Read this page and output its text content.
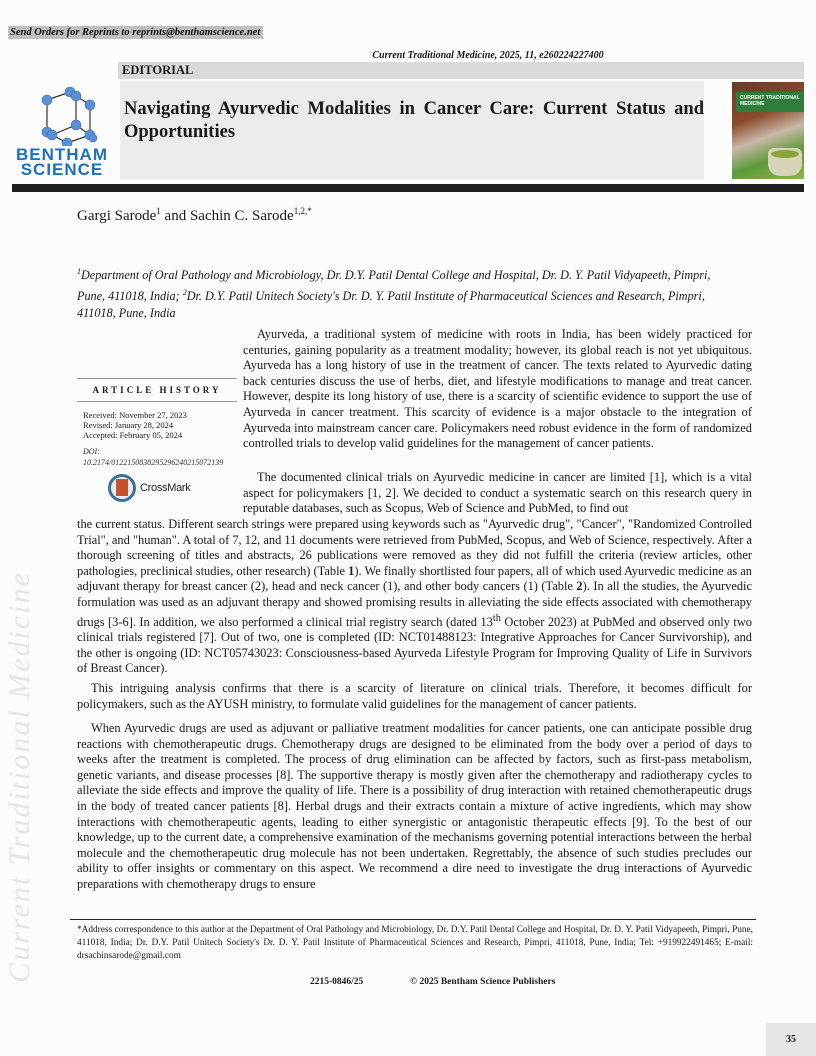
Current Traditional Medicine
Send Orders for Reprints to reprints@benthamscience.net
Current Traditional Medicine, 2025, 11, e260224227400
BENTHAM
SCIENCE
EDITORIAL
Navigating Ayurvedic Modalities in Cancer Care: Current Status and Opportunities
CURRENT TRADITIONAL MEDICINE
Gargi Sarode$^1$ and Sachin C. Sarode$^{1,2,*}$
$^1$Department of Oral Pathology and Microbiology, Dr. D.Y. Patil Dental College and Hospital, Dr. D. Y. Patil Vidyapeeth, Pimpri, Pune, 411018, India; $^2$Dr. D.Y. Patil Unitech Society's Dr. D. Y. Patil Institute of Pharmaceutical Sciences and Research, Pimpri, 411018, Pune, India
ARTICLE HISTORY
Received: November 27, 2023
Revised: January 28, 2024
Accepted: February 05, 2024
DOI:
10.2174/0122150838295296240215072139
CrossMark
Ayurveda, a traditional system of medicine with roots in India, has been widely practiced for centuries, gaining popularity as a treatment modality; however, its global reach is not yet ubiquitous. Ayurveda has a long history of use in the treatment of cancer. The texts related to Ayurvedic dating back centuries discuss the use of herbs, diet, and lifestyle modifications to manage and treat cancer. However, despite its long history of use, there is a scarcity of scientific evidence to support the use of Ayurveda in cancer treatment. This scarcity of evidence is a major obstacle to the integration of Ayurveda into mainstream cancer care. Policymakers need robust evidence in the form of randomized controlled trials to develop valid guidelines for the management of cancer patients.
The documented clinical trials on Ayurvedic medicine in cancer are limited [1], which is a vital aspect for policymakers [1, 2]. We decided to conduct a systematic search on this research query in reputable databases, such as Scopus, Web of Science and PubMed, to find out
the current status. Different search strings were prepared using keywords such as "Ayurvedic drug", "Cancer", "Randomized Controlled Trial", and "human". A total of 7, 12, and 11 documents were retrieved from PubMed, Scopus, and Web of Science, respectively. After a thorough screening of titles and abstracts, 26 publications were removed as they did not fulfill the criteria (review articles, other pathologies, preclinical studies, other research) (Table 1). We finally shortlisted four papers, all of which used Ayurvedic medicine as an adjuvant therapy for breast cancer (2), head and neck cancer (1), and other body cancers (1) (Table 2). In all the studies, the Ayurvedic formulation was used as an adjuvant therapy and showed promising results in alleviating the side effects associated with chemotherapy drugs [3-6]. In addition, we also performed a clinical trial registry search (dated 13th October 2023) at PubMed and observed only two clinical trials registered [7]. Out of two, one is completed (ID: NCT01488123: Integrative Approaches for Cancer Survivorship), and the other is ongoing (ID: NCT05743023: Consciousness-based Ayurveda Lifestyle Program for Improving Quality of Life in Survivors of Breast Cancer).
This intriguing analysis confirms that there is a scarcity of literature on clinical trials. Therefore, it becomes difficult for policymakers, such as the AYUSH ministry, to formulate valid guidelines for the management of cancer patients.
When Ayurvedic drugs are used as adjuvant or palliative treatment modalities for cancer patients, one can anticipate possible drug reactions with chemotherapeutic drugs. Chemotherapy drugs are designed to be eliminated from the body over a period of days to weeks after the treatment is completed. The process of drug elimination can be affected by factors, such as first-pass metabolism, genetic variants, and disease processes [8]. The supportive therapy is mostly given after the chemotherapy and radiotherapy cycles to alleviate the side effects and improve the quality of life. There is a possibility of drug interaction with retained chemotherapeutic drugs in the body of treated cancer patients [8]. Herbal drugs and their extracts contain a mixture of active ingredients, which may show interactions with chemotherapeutic agents, leading to either synergistic or antagonistic therapeutic effects [9]. To the best of our knowledge, up to the current date, a comprehensive examination of the mechanisms governing potential interactions between the herbal molecule and the chemotherapeutic drug molecule has not been undertaken. Regrettably, the absence of such studies precludes our ability to offer insights or commentary on this aspect. We recommend a dire need to investigate the drug interactions of Ayurvedic preparations with chemotherapy drugs to ensure
*Address correspondence to this author at the Department of Oral Pathology and Microbiology, Dr. D.Y. Patil Dental College and Hospital, Dr. D. Y. Patil Vidyapeeth, Pimpri, Pune, 411018, India; Dr. D.Y. Patil Unitech Society's Dr. D. Y. Patil Institute of Pharmaceutical Sciences and Research, Pimpri, 411018, Pune, India; Tel: +919922491465; E-mail: drsachinsarode@gmail.com
2215-0846/25	© 2025 Bentham Science Publishers
35
